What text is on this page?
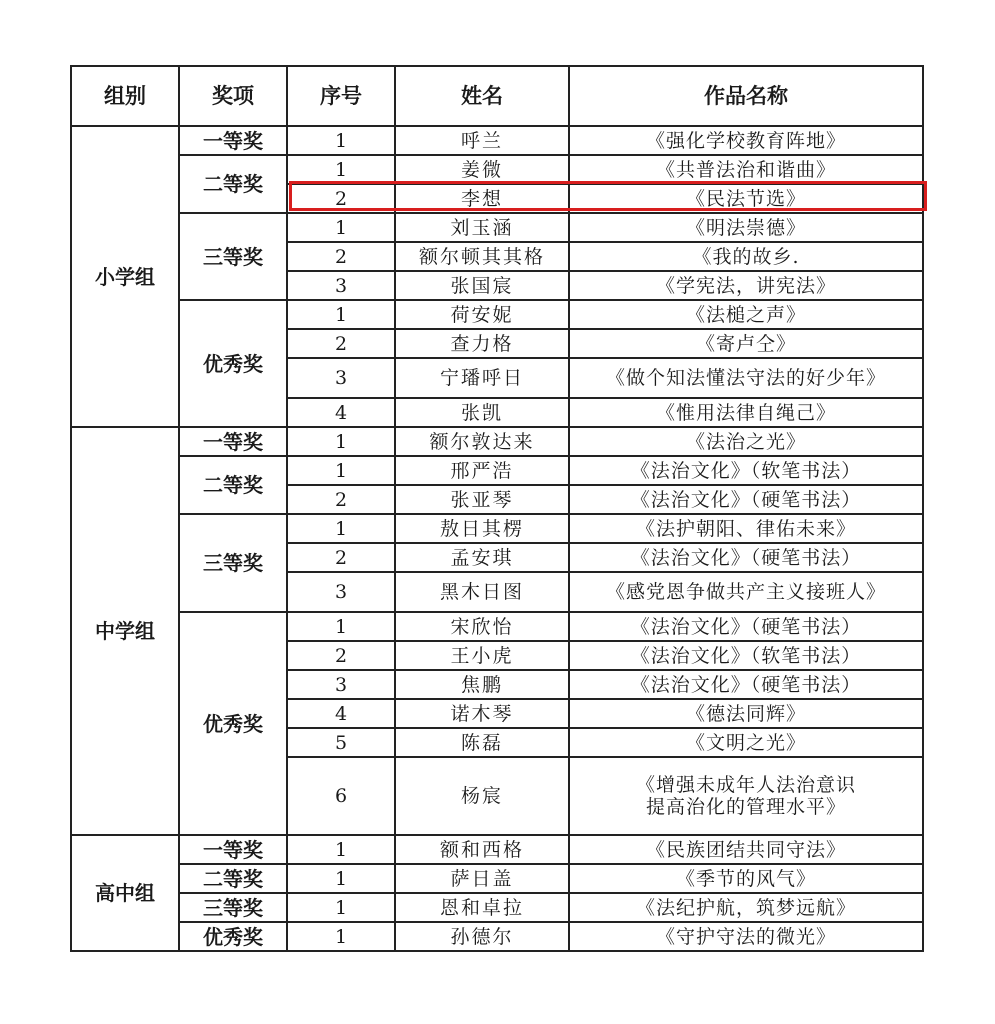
组别	奖项	序号	姓名	作品名称
小学组	一等奖	1	呼兰	《强化学校教育阵地》
	二等奖	1	姜微	《共普法治和谐曲》
		2	李想	《民法节选》
	三等奖	1	刘玉涵	《明法崇德》
		2	额尔顿其其格	《我的故乡.
		3	张国宸	《学宪法，讲宪法》
	优秀奖	1	荷安妮	《法槌之声》
		2	查力格	《寄卢仝》
		3	宁璠呼日	《做个知法懂法守法的好少年》
		4	张凯	《惟用法律自绳己》
中学组	一等奖	1	额尔敦达来	《法治之光》
	二等奖	1	邢严浩	《法治文化》（软笔书法）
		2	张亚琴	《法治文化》（硬笔书法）
	三等奖	1	敖日其楞	《法护朝阳、律佑未来》
		2	孟安琪	《法治文化》（硬笔书法）
		3	黑木日图	《感党恩争做共产主义接班人》
	优秀奖	1	宋欣怡	《法治文化》（硬笔书法）
		2	王小虎	《法治文化》（软笔书法）
		3	焦鹏	《法治文化》（硬笔书法）
		4	诺木琴	《德法同辉》
		5	陈磊	《文明之光》
		6	杨宸	《增强未成年人法治意识
提高治化的管理水平》
高中组	一等奖	1	额和西格	《民族团结共同守法》
	二等奖	1	萨日盖	《季节的风气》
	三等奖	1	恩和卓拉	《法纪护航，筑梦远航》
	优秀奖	1	孙德尔	《守护守法的微光》
